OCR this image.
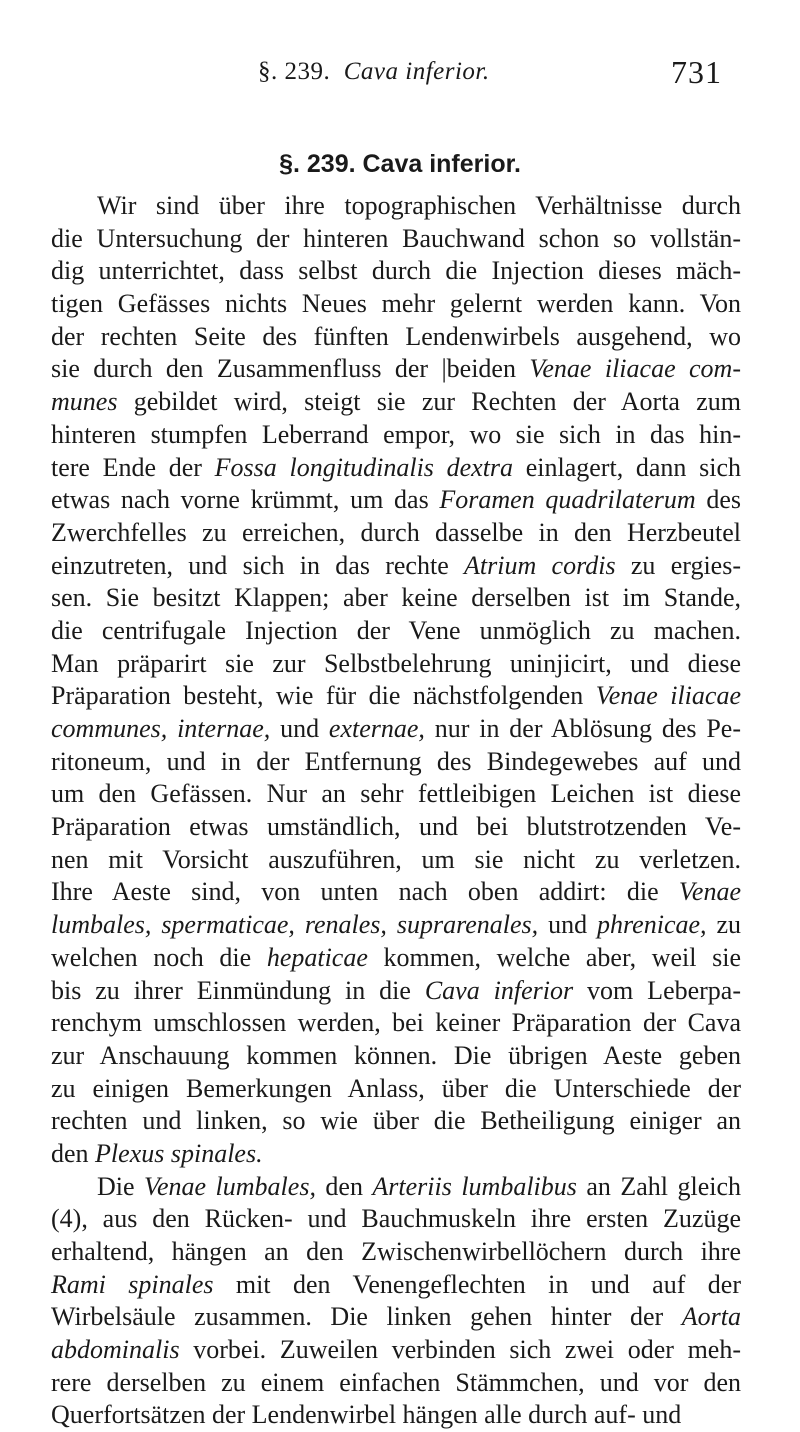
§. 239. Cava inferior.	731
§. 239. Cava inferior.
Wir sind über ihre topographischen Verhältnisse durch
die Untersuchung der hinteren Bauchwand schon so vollstän-
dig unterrichtet, dass selbst durch die Injection dieses mäch-
tigen Gefässes nichts Neues mehr gelernt werden kann. Von
der rechten Seite des fünften Lendenwirbels ausgehend, wo
sie durch den Zusammenfluss der |beiden Venae iliacae com-
munes gebildet wird, steigt sie zur Rechten der Aorta zum
hinteren stumpfen Leberrand empor, wo sie sich in das hin-
tere Ende der Fossa longitudinalis dextra einlagert, dann sich
etwas nach vorne krümmt, um das Foramen quadrilaterum des
Zwerchfelles zu erreichen, durch dasselbe in den Herzbeutel
einzutreten, und sich in das rechte Atrium cordis zu ergies-
sen. Sie besitzt Klappen; aber keine derselben ist im Stande,
die centrifugale Injection der Vene unmöglich zu machen.
Man präparirt sie zur Selbstbelehrung uninjicirt, und diese
Präparation besteht, wie für die nächstfolgenden Venae iliacae
communes, internae, und externae, nur in der Ablösung des Pe-
ritoneum, und in der Entfernung des Bindegewebes auf und
um den Gefässen. Nur an sehr fettleibigen Leichen ist diese
Präparation etwas umständlich, und bei blutstrotzenden Ve-
nen mit Vorsicht auszuführen, um sie nicht zu verletzen.
Ihre Aeste sind, von unten nach oben addirt: die Venae
lumbales, spermaticae, renales, suprarenales, und phrenicae, zu
welchen noch die hepaticae kommen, welche aber, weil sie
bis zu ihrer Einmündung in die Cava inferior vom Leberpa-
renchym umschlossen werden, bei keiner Präparation der Cava
zur Anschauung kommen können. Die übrigen Aeste geben
zu einigen Bemerkungen Anlass, über die Unterschiede der
rechten und linken, so wie über die Betheiligung einiger an
den Plexus spinales.
Die Venae lumbales, den Arteriis lumbalibus an Zahl gleich
(4), aus den Rücken- und Bauchmuskeln ihre ersten Zuzüge
erhaltend, hängen an den Zwischenwirbellöchern durch ihre
Rami spinales mit den Venengeflechten in und auf der
Wirbelsäule zusammen. Die linken gehen hinter der Aorta
abdominalis vorbei. Zuweilen verbinden sich zwei oder meh-
rere derselben zu einem einfachen Stämmchen, und vor den
Querfortsätzen der Lendenwirbel hängen alle durch auf- und
